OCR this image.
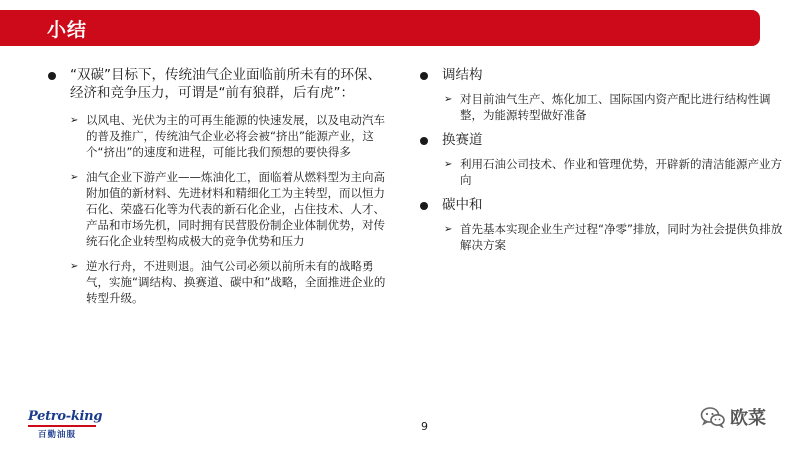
小结
“双碳”目标下，传统油气企业面临前所未有的环保、经济和竞争压力，可谓是“前有狼群，后有虎”：
➢ 以风电、光伏为主的可再生能源的快速发展，以及电动汽车的普及推广，传统油气企业必将会被“挤出”能源产业，这个“挤出”的速度和进程，可能比我们预想的要快得多
➢ 油气企业下游产业——炼油化工，面临着从燃料型为主向高附加值的新材料、先进材料和精细化工为主转型，而以恒力石化、荣盛石化等为代表的新石化企业，占住技术、人才、产品和市场先机，同时拥有民营股份制企业体制优势，对传统石化企业转型构成极大的竞争优势和压力
➢ 逆水行舟，不进则退。油气公司必须以前所未有的战略勇气，实施“调结构、换赛道、碳中和”战略，全面推进企业的转型升级。
调结构
➢ 对目前油气生产、炼化加工、国际国内资产配比进行结构性调整，为能源转型做好准备
换赛道
➢ 利用石油公司技术、作业和管理优势，开辟新的清洁能源产业方向
碳中和
➢ 首先基本实现企业生产过程“净零”排放，同时为社会提供负排放解决方案
Petro-king
百勤油服
9	欧菜
